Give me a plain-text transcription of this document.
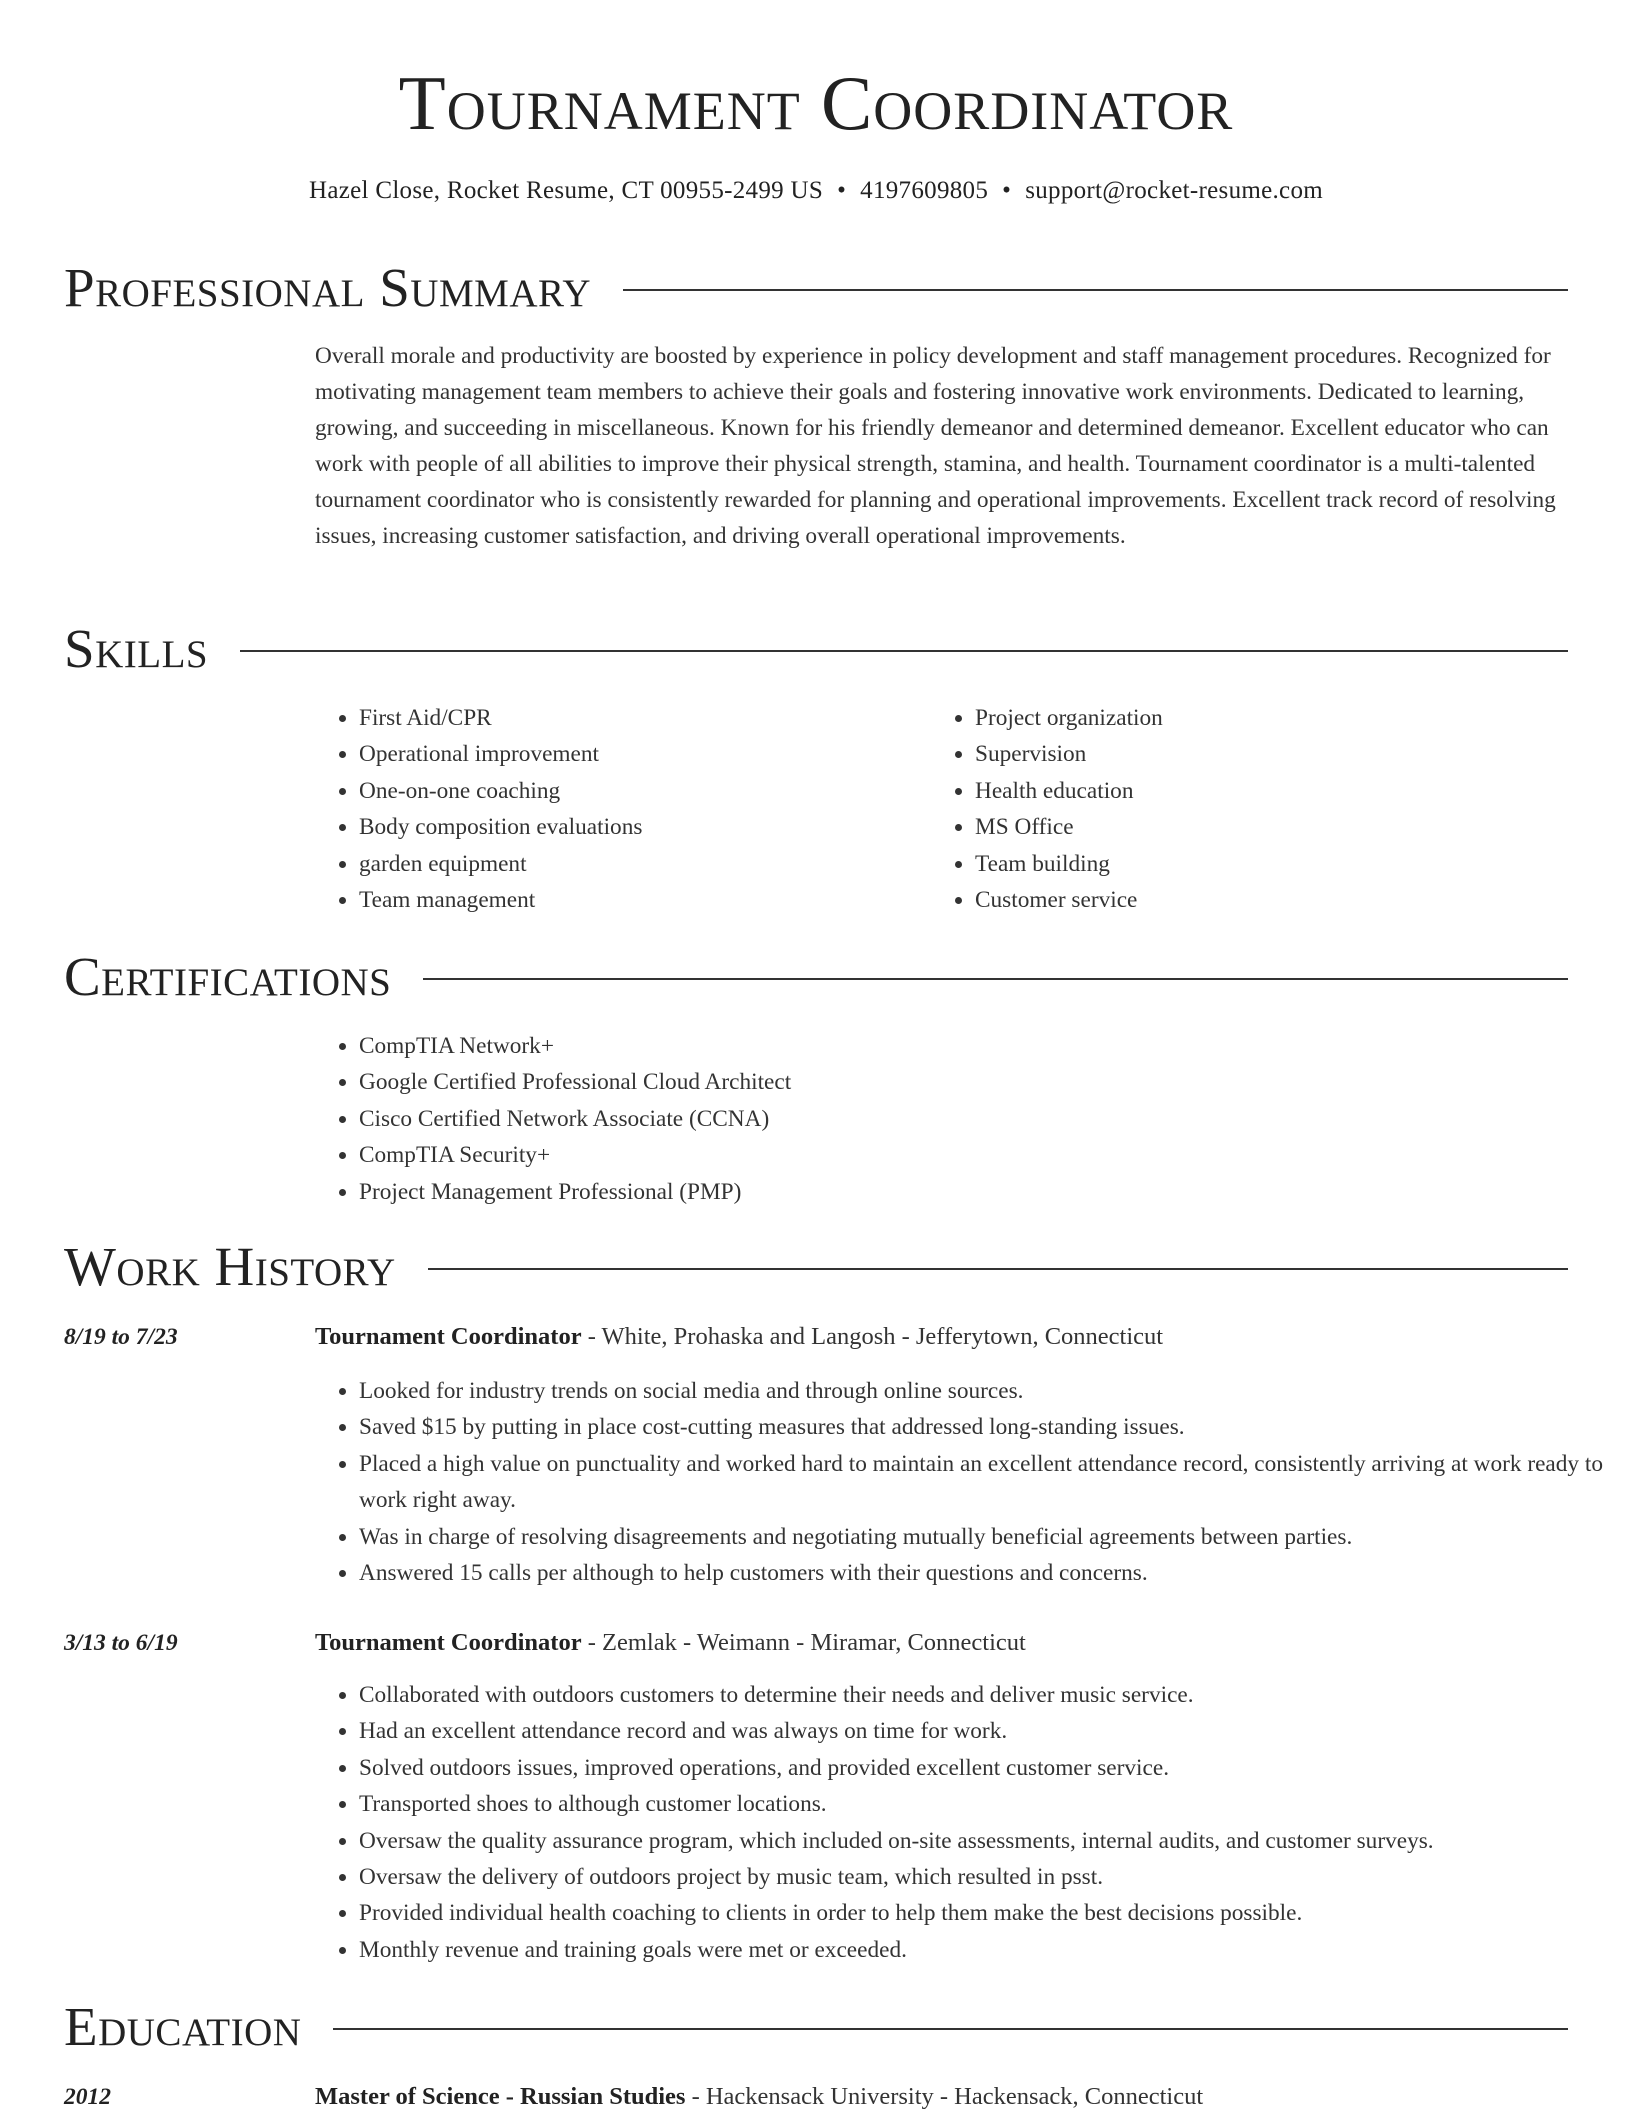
Tournament Coordinator
Hazel Close, Rocket Resume, CT 00955-2499 US • 4197609805 • support@rocket-resume.com
Professional Summary
Overall morale and productivity are boosted by experience in policy development and staff management procedures. Recognized for motivating management team members to achieve their goals and fostering innovative work environments. Dedicated to learning, growing, and succeeding in miscellaneous. Known for his friendly demeanor and determined demeanor. Excellent educator who can work with people of all abilities to improve their physical strength, stamina, and health. Tournament coordinator is a multi-talented tournament coordinator who is consistently rewarded for planning and operational improvements. Excellent track record of resolving issues, increasing customer satisfaction, and driving overall operational improvements.
Skills
• First Aid/CPR
• Operational improvement
• One-on-one coaching
• Body composition evaluations
• garden equipment
• Team management
• Project organization
• Supervision
• Health education
• MS Office
• Team building
• Customer service
Certifications
• CompTIA Network+
• Google Certified Professional Cloud Architect
• Cisco Certified Network Associate (CCNA)
• CompTIA Security+
• Project Management Professional (PMP)
Work History
8/19 to 7/23	Tournament Coordinator - White, Prohaska and Langosh - Jefferytown, Connecticut
• Looked for industry trends on social media and through online sources.
• Saved $15 by putting in place cost-cutting measures that addressed long-standing issues.
• Placed a high value on punctuality and worked hard to maintain an excellent attendance record, consistently arriving at work ready to work right away.
• Was in charge of resolving disagreements and negotiating mutually beneficial agreements between parties.
• Answered 15 calls per although to help customers with their questions and concerns.
3/13 to 6/19	Tournament Coordinator - Zemlak - Weimann - Miramar, Connecticut
• Collaborated with outdoors customers to determine their needs and deliver music service.
• Had an excellent attendance record and was always on time for work.
• Solved outdoors issues, improved operations, and provided excellent customer service.
• Transported shoes to although customer locations.
• Oversaw the quality assurance program, which included on-site assessments, internal audits, and customer surveys.
• Oversaw the delivery of outdoors project by music team, which resulted in psst.
• Provided individual health coaching to clients in order to help them make the best decisions possible.
• Monthly revenue and training goals were met or exceeded.
Education
2012	Master of Science - Russian Studies - Hackensack University - Hackensack, Connecticut
